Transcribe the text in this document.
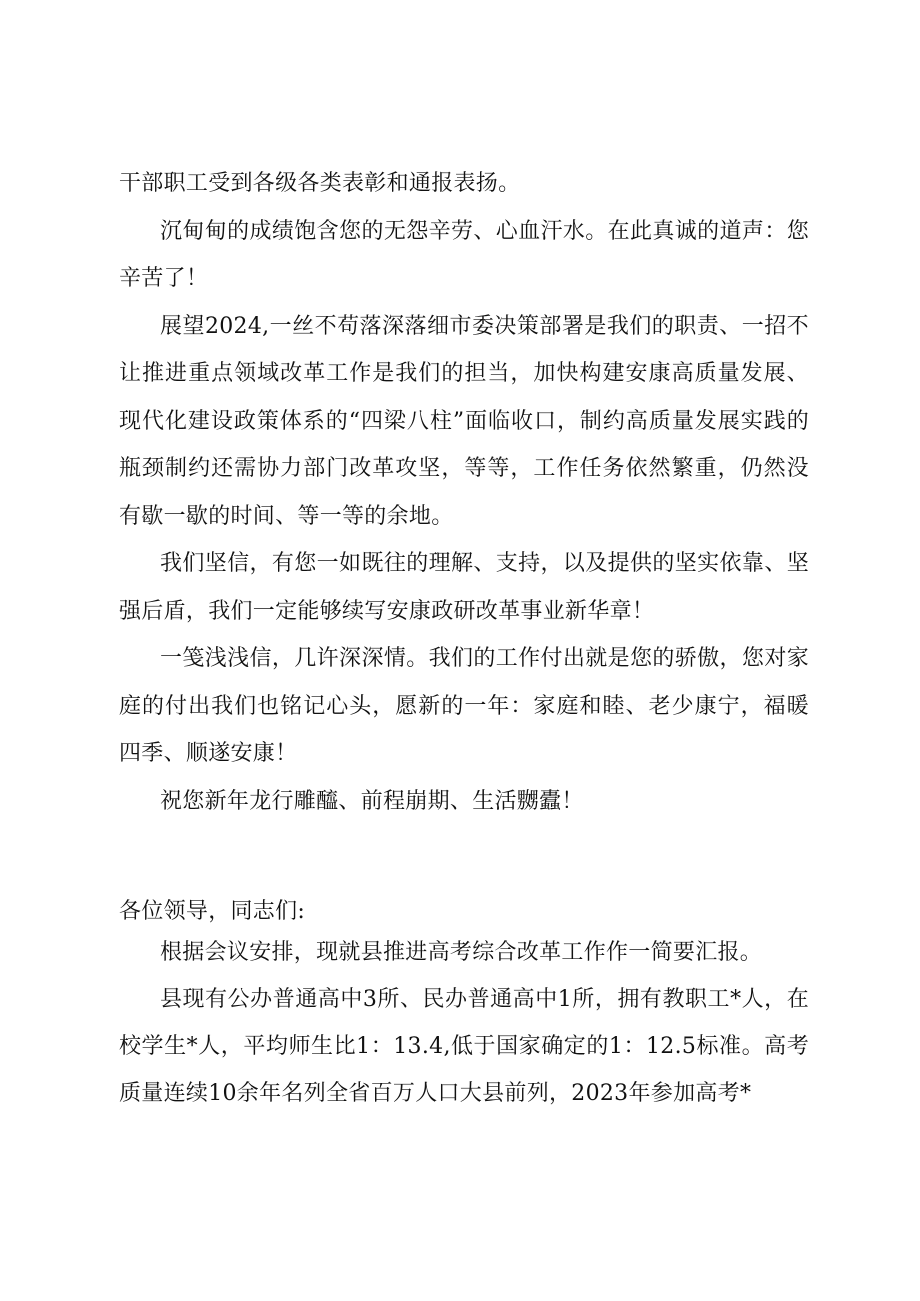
干部职工受到各级各类表彰和通报表扬。

沉甸甸的成绩饱含您的无怨辛劳、心血汗水。在此真诚的道声：您辛苦了！

展望2024,一丝不苟落深落细市委决策部署是我们的职责、一招不让推进重点领域改革工作是我们的担当，加快构建安康高质量发展、现代化建设政策体系的“四梁八柱”面临收口，制约高质量发展实践的瓶颈制约还需协力部门改革攻坚，等等，工作任务依然繁重，仍然没有歇一歇的时间、等一等的余地。

我们坚信，有您一如既往的理解、支持，以及提供的坚实依靠、坚强后盾，我们一定能够续写安康政研改革事业新华章！

一笺浅浅信，几许深深情。我们的工作付出就是您的骄傲，您对家庭的付出我们也铭记心头，愿新的一年：家庭和睦、老少康宁，福暖四季、顺遂安康！

祝您新年龙行雕醯、前程崩期、生活嬲蠹！

各位领导，同志们:

根据会议安排，现就县推进高考综合改革工作作一简要汇报。

县现有公办普通高中3所、民办普通高中1所，拥有教职工*人，在校学生*人，平均师生比1：13.4,低于国家确定的1：12.5标准。高考质量连续10余年名列全省百万人口大县前列，2023年参加高考*
